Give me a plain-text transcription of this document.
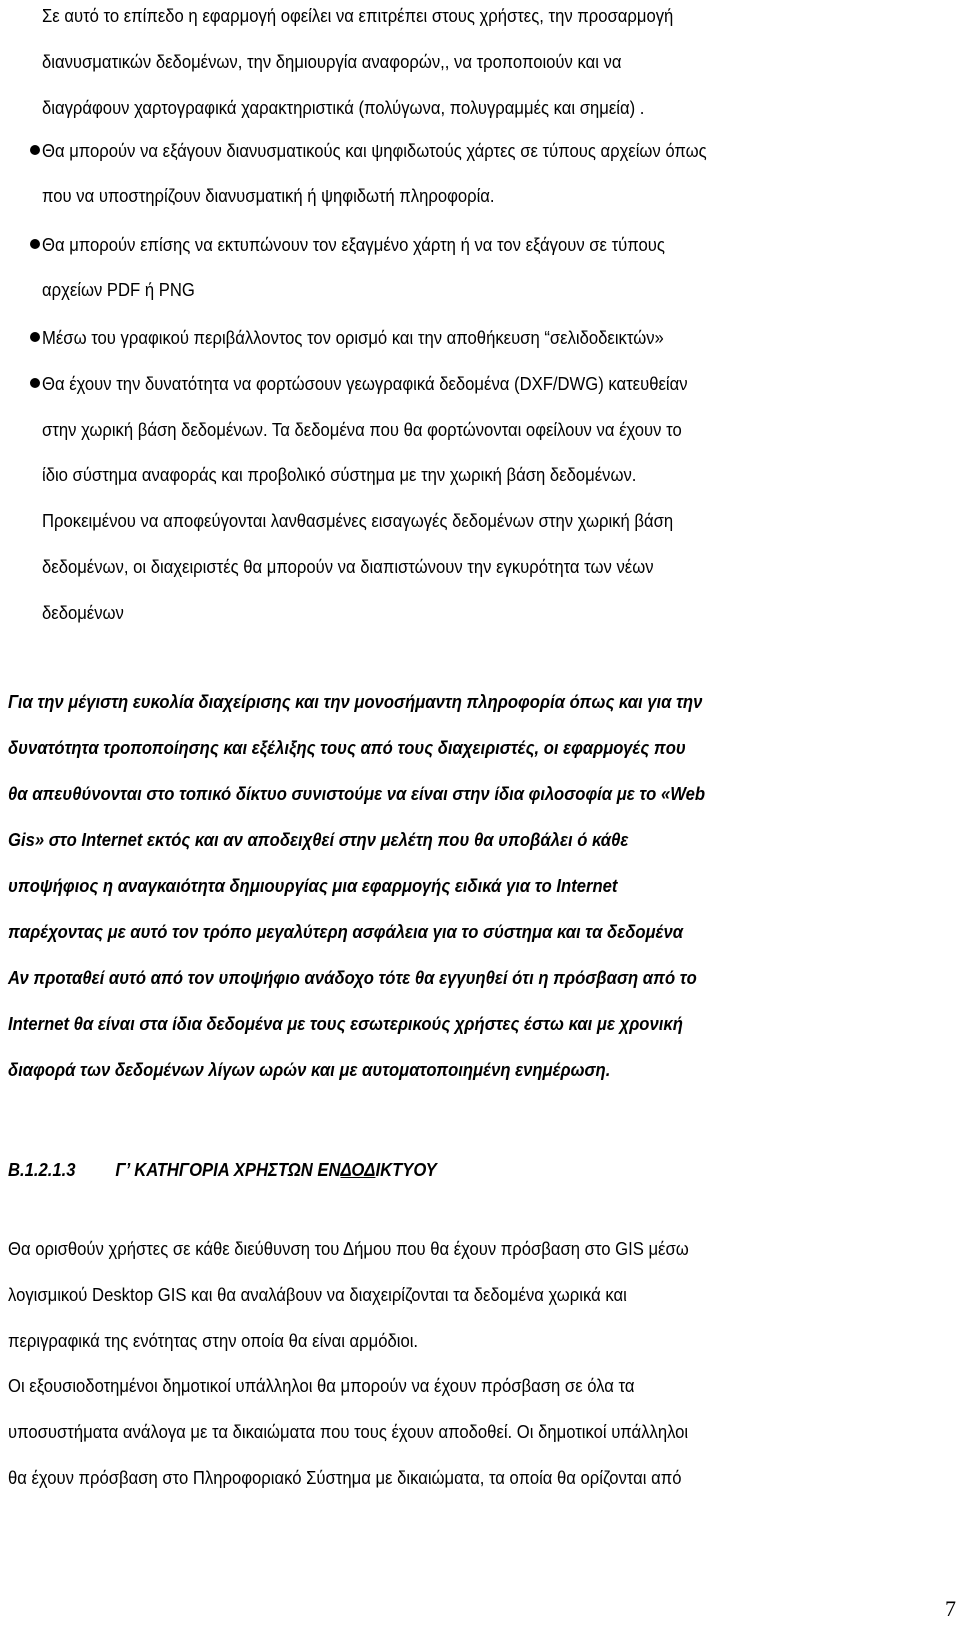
Σε αυτό το επίπεδο η εφαρμογή οφείλει να επιτρέπει στους χρήστες, την προσαρμογή
διανυσματικών δεδομένων, την δημιουργία αναφορών,, να τροποποιούν και να
διαγράφουν χαρτογραφικά χαρακτηριστικά (πολύγωνα, πολυγραμμές και σημεία) .
Θα μπορούν να εξάγουν διανυσματικούς και ψηφιδωτούς χάρτες σε τύπους αρχείων όπως
που να υποστηρίζουν διανυσματική ή ψηφιδωτή πληροφορία.
Θα μπορούν επίσης να εκτυπώνουν τον εξαγμένο χάρτη ή να τον εξάγουν σε τύπους
αρχείων PDF ή PNG
Μέσω του γραφικού περιβάλλοντος τον ορισμό και την αποθήκευση “σελιδοδεικτών»
Θα έχουν την δυνατότητα να φορτώσουν γεωγραφικά δεδομένα (DXF/DWG) κατευθείαν
στην χωρική βάση δεδομένων. Τα δεδομένα που θα φορτώνονται οφείλουν να έχουν το
ίδιο σύστημα αναφοράς και προβολικό σύστημα με την χωρική βάση δεδομένων.
Προκειμένου να αποφεύγονται λανθασμένες εισαγωγές δεδομένων στην χωρική βάση
δεδομένων, οι διαχειριστές θα μπορούν να διαπιστώνουν την εγκυρότητα των νέων
δεδομένων
Για την μέγιστη ευκολία διαχείρισης και την μονοσήμαντη πληροφορία όπως και για την
δυνατότητα τροποποίησης και εξέλιξης τους από τους διαχειριστές, οι εφαρμογές που
θα απευθύνονται στο τοπικό δίκτυο συνιστούμε να είναι στην ίδια φιλοσοφία με το «Web
Gis» στο Internet εκτός και αν αποδειχθεί στην μελέτη που θα υποβάλει ό κάθε
υποψήφιος η αναγκαιότητα δημιουργίας μια εφαρμογής ειδικά για το Internet
παρέχοντας με αυτό τον τρόπο μεγαλύτερη ασφάλεια για το σύστημα και τα δεδομένα
Αν προταθεί αυτό από τον υποψήφιο ανάδοχο τότε θα εγγυηθεί ότι η πρόσβαση από το
Internet θα είναι στα ίδια δεδομένα με τους εσωτερικούς χρήστες έστω και με χρονική
διαφορά των δεδομένων λίγων ωρών και με αυτοματοποιημένη ενημέρωση.
B.1.2.1.3 Γ’ ΚΑΤΗΓΟΡΙΑ ΧΡΗΣΤΩΝ ΕΝΔΟΔΙΚΤΥΟΥ
Θα ορισθούν χρήστες σε κάθε διεύθυνση του Δήμου που θα έχουν πρόσβαση στο GIS μέσω
λογισμικού Desktop GIS και θα αναλάβουν να διαχειρίζονται τα δεδομένα χωρικά και
περιγραφικά της ενότητας στην οποία θα είναι αρμόδιοι.
Οι εξουσιοδοτημένοι δημοτικοί υπάλληλοι θα μπορούν να έχουν πρόσβαση σε όλα τα
υποσυστήματα ανάλογα με τα δικαιώματα που τους έχουν αποδοθεί. Οι δημοτικοί υπάλληλοι
θα έχουν πρόσβαση στο Πληροφοριακό Σύστημα με δικαιώματα, τα οποία θα ορίζονται από
7
